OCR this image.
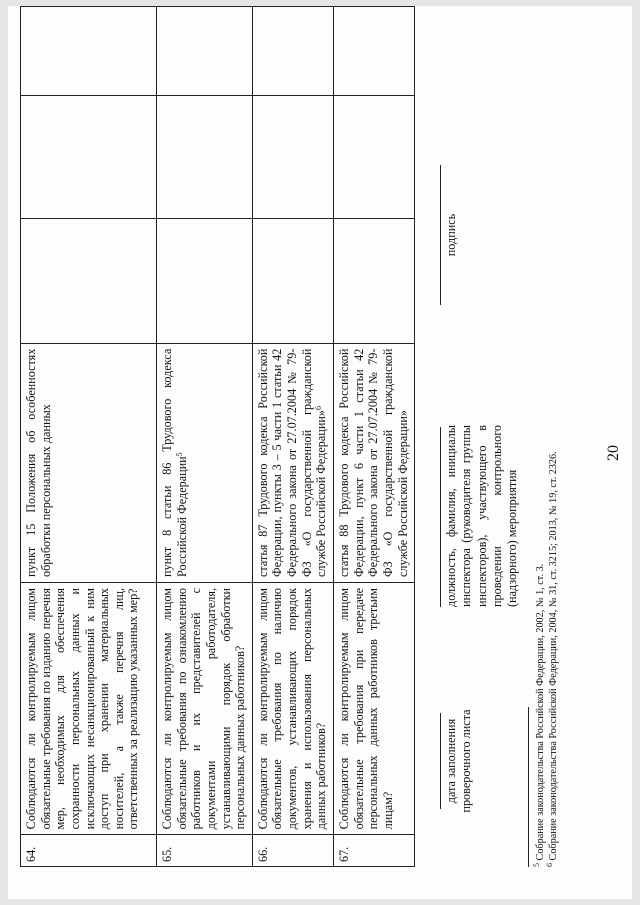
20
64.	Соблюдаются ли контролируемым лицом обязательные требования по изданию перечня мер, необходимых для обеспечения сохранности персональных данных и исключающих несанкционированный к ним доступ при хранении материальных носителей, а также перечня лиц, ответственных за реализацию указанных мер?	пункт 15 Положения об особенностях обработки персональных данных			
65.	Соблюдаются ли контролируемым лицом обязательные требования по ознакомлению работников и их представителей с документами работодателя, устанавливающими порядок обработки персональных данных работников?	пункт 8 статьи 86 Трудового кодекса Российской Федерации$^5$			
66.	Соблюдаются ли контролируемым лицом обязательные требования по наличию документов, устанавливающих порядок хранения и использования персональных данных работников?	статья 87 Трудового кодекса Российской Федерации, пункты 3 – 5 части 1 статьи 42 Федерального закона от 27.07.2004 № 79-ФЗ «О государственной гражданской службе Российской Федерации»$^6$			
67.	Соблюдаются ли контролируемым лицом обязательные требования при передаче персональных данных работников третьим лицам?	статья 88 Трудового кодекса Российской Федерации, пункт 6 части 1 статьи 42 Федерального закона от 27.07.2004 № 79-ФЗ «О государственной гражданской службе Российской Федерации»			
дата заполнения проверочного листа
должность, фамилия, инициалы инспектора (руководителя группы инспекторов), участвующего в проведении контрольного (надзорного) мероприятия
подпись
$^5$ Собрание законодательства Российской Федерации, 2002, № 1, ст. 3.
$^6$ Собрание законодательства Российской Федерации, 2004, № 31, ст. 3215; 2013, № 19, ст. 2326.
